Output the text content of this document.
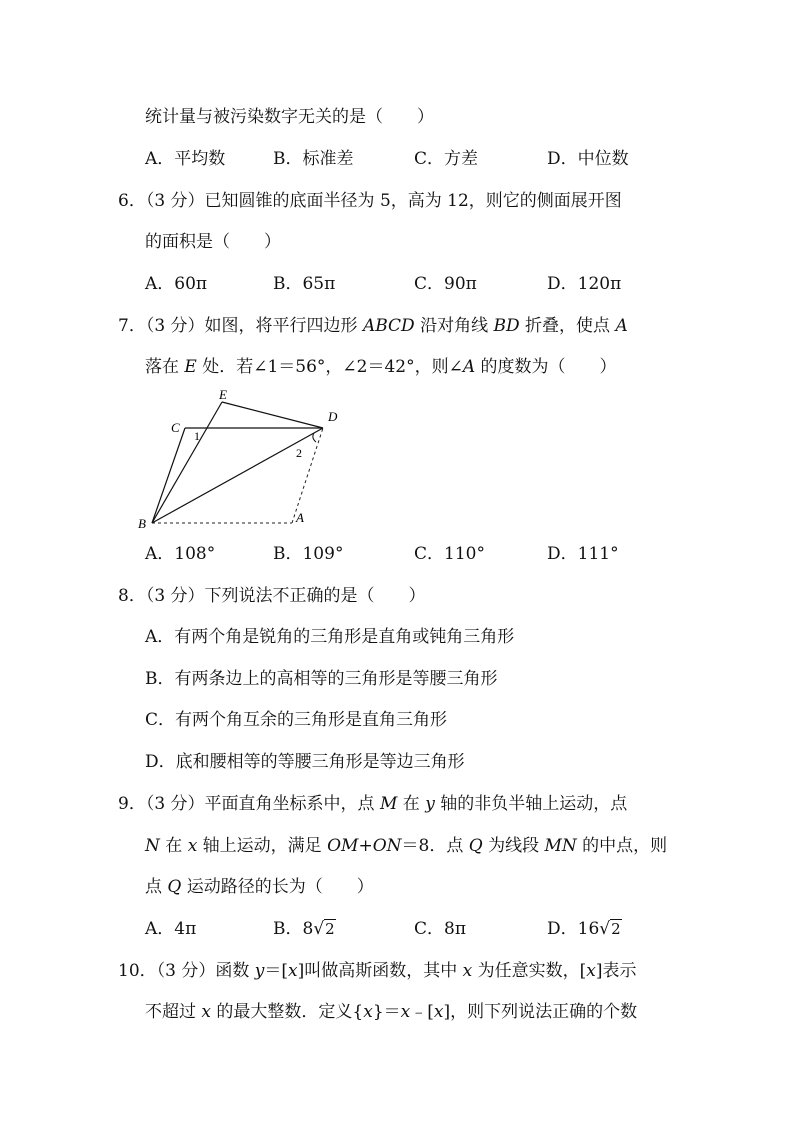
统计量与被污染数字无关的是（　　）
A．平均数	B．标准差	C．方差	D．中位数
6．（3 分）已知圆锥的底面半径为 5，高为 12，则它的侧面展开图
的面积是（　　）
A．60π	B．65π	C．90π	D．120π
7．（3 分）如图，将平行四边形 ABCD 沿对角线 BD 折叠，使点 A
落在 E 处．若∠1＝56°，∠2＝42°，则∠A 的度数为（　　）
E
D
C
1
2
B	A
A．108°	B．109°	C．110°	D．111°
8．（3 分）下列说法不正确的是（　　）
A．有两个角是锐角的三角形是直角或钝角三角形
B．有两条边上的高相等的三角形是等腰三角形
C．有两个角互余的三角形是直角三角形
D．底和腰相等的等腰三角形是等边三角形
9．（3 分）平面直角坐标系中，点 M 在 y 轴的非负半轴上运动，点
N 在 x 轴上运动，满足 OM+ON＝8．点 Q 为线段 MN 的中点，则
点 Q 运动路径的长为（　　）
A．4π	B．8√2	C．8π	D．16√2
10．（3 分）函数 y＝[x]叫做高斯函数，其中 x 为任意实数，[x]表示
不超过 x 的最大整数．定义{x}＝x﹣[x]，则下列说法正确的个数
